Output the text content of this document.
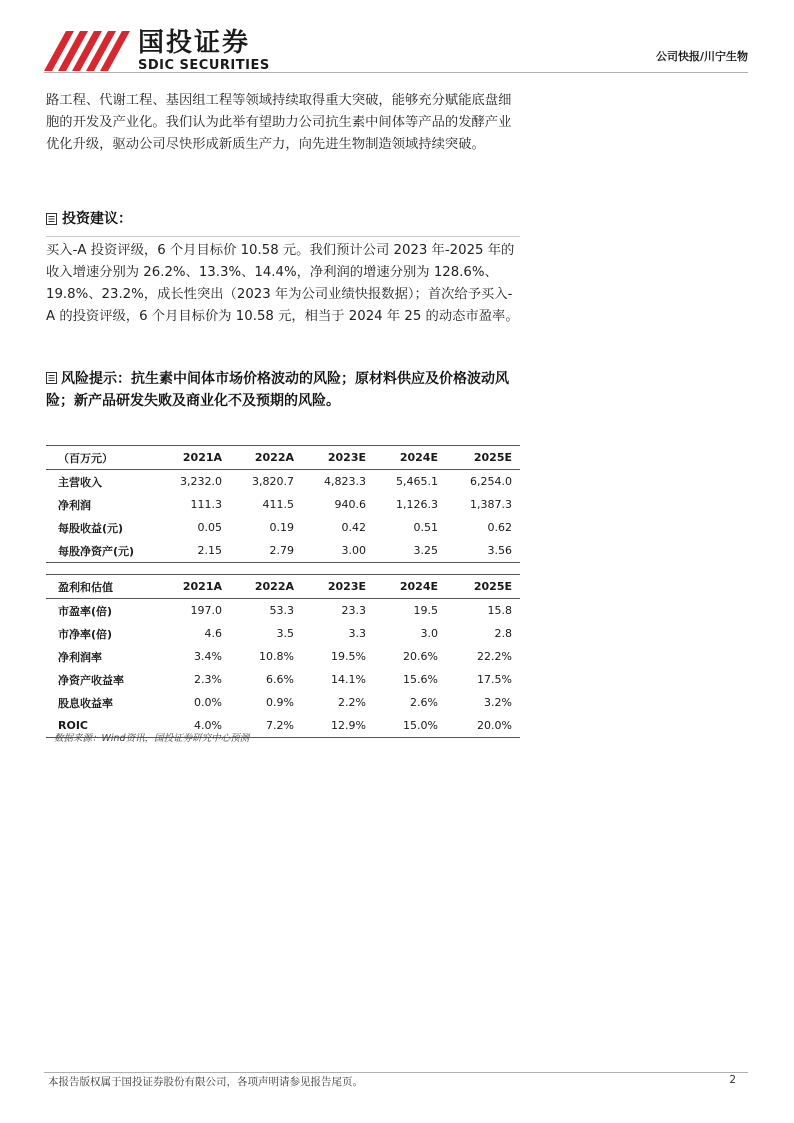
国投证券
SDIC SECURITIES
公司快报/川宁生物
路工程、代谢工程、基因组工程等领域持续取得重大突破，能够充分赋能底盘细胞的开发及产业化。我们认为此举有望助力公司抗生素中间体等产品的发酵产业优化升级，驱动公司尽快形成新质生产力，向先进生物制造领域持续突破。
投资建议：
买入-A 投资评级，6 个月目标价 10.58 元。我们预计公司 2023 年-2025 年的收入增速分别为 26.2%、13.3%、14.4%，净利润的增速分别为 128.6%、19.8%、23.2%，成长性突出（2023 年为公司业绩快报数据）；首次给予买入-A 的投资评级，6 个月目标价为 10.58 元，相当于 2024 年 25 的动态市盈率。
风险提示：抗生素中间体市场价格波动的风险；原材料供应及价格波动风险；新产品研发失败及商业化不及预期的风险。
（百万元）	2021A	2022A	2023E	2024E	2025E
主营收入	3,232.0	3,820.7	4,823.3	5,465.1	6,254.0
净利润	111.3	411.5	940.6	1,126.3	1,387.3
每股收益(元)	0.05	0.19	0.42	0.51	0.62
每股净资产(元)	2.15	2.79	3.00	3.25	3.56
盈利和估值	2021A	2022A	2023E	2024E	2025E
市盈率(倍)	197.0	53.3	23.3	19.5	15.8
市净率(倍)	4.6	3.5	3.3	3.0	2.8
净利润率	3.4%	10.8%	19.5%	20.6%	22.2%
净资产收益率	2.3%	6.6%	14.1%	15.6%	17.5%
股息收益率	0.0%	0.9%	2.2%	2.6%	3.2%
ROIC	4.0%	7.2%	12.9%	15.0%	20.0%
数据来源：Wind资讯，国投证券研究中心预测
本报告版权属于国投证券股份有限公司，各项声明请参见报告尾页。	2
